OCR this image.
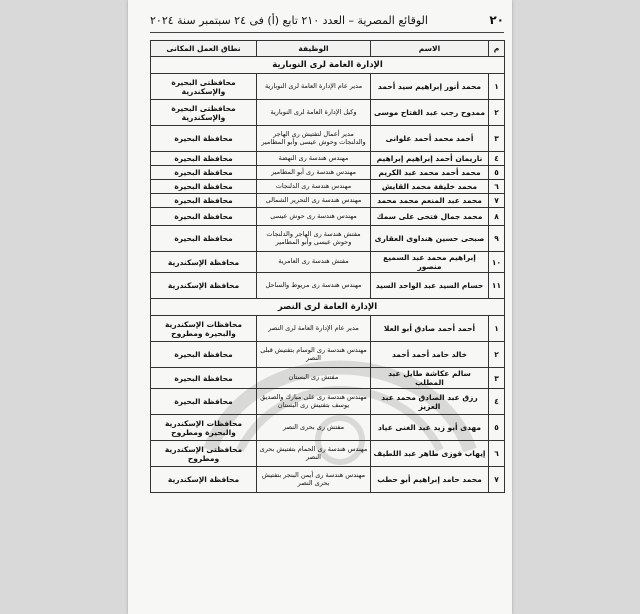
٢٠
الوقائع المصرية – العدد ٢١٠ تابع (أ) فى ٢٤ سبتمبر سنة ٢٠٢٤
م	الاسم	الوظيفة	نطاق العمل المكانى
الإدارة العامة لرى النوبارية			
١	محمد أنور إبراهيم سيد أحمد	مدير عام الإدارة العامة لرى النوبارية	محافظتى البحيرة والإسكندرية
٢	ممدوح رجب عبد الفتاح موسى	وكيل الإدارة العامة لرى النوبارية	محافظتى البحيرة والإسكندرية
٣	أحمد محمد أحمد علوانى	مدير أعمال لتفتيش رى الهاجر والدلنجات وحوش عيسى وأبو المطامير	محافظة البحيرة
٤	ناريمان أحمد إبراهيم إبراهيم	مهندس هندسة رى النهضة	محافظة البحيرة
٥	محمد أحمد محمد عبد الكريم	مهندس هندسة رى أبو المطامير	محافظة البحيرة
٦	محمد خليفة محمد القايش	مهندس هندسة رى الدلنجات	محافظة البحيرة
٧	محمد عبد المنعم محمد محمد	مهندس هندسة رى التحرير الشمالى	محافظة البحيرة
٨	محمد جمال فتحى على سمك	مهندس هندسة رى حوش عيسى	محافظة البحيرة
٩	صبحى حسين هنداوى العقارى	مفتش هندسة رى الهاجر والدلنجات وحوش عيسى وأبو المطامير	محافظة البحيرة
١٠	إبراهيم محمد عبد السميع منصور	مفتش هندسة رى العامرية	محافظة الإسكندرية
١١	حسام السيد عبد الواحد السيد	مهندس هندسة رى مريوط والساحل	محافظة الإسكندرية
الإدارة العامة لرى النصر			
١	أحمد أحمد صادق أبو العلا	مدير عام الإدارة العامة لرى النصر	محافظات الإسكندرية والبحيرة ومطروح
٢	خالد حامد أحمد أحمد	مهندس هندسة رى الوسام بتفتيش قبلى النصر	محافظة البحيرة
٣	سالم عكاشة طايل عبد المطلب	مفتش رى البستان	محافظة البحيرة
٤	رزق عبد الصادق محمد عبد العزيز	مهندس هندسة رى على مبارك والصديق يوسف بتفتيش رى البستان	محافظة البحيرة
٥	مهدى أبو زيد عبد الغنى عياد	مفتش رى بحرى النصر	محافظات الإسكندرية والبحيرة ومطروح
٦	إيهاب فوزى طاهر عبد اللطيف	مهندس هندسة رى الحمام بتفتيش بحرى النصر	محافظتى الإسكندرية ومطروح
٧	محمد حامد إبراهيم أبو حطب	مهندس هندسة رى أيمن البنجر بتفتيش بحرى النصر	محافظة الإسكندرية
